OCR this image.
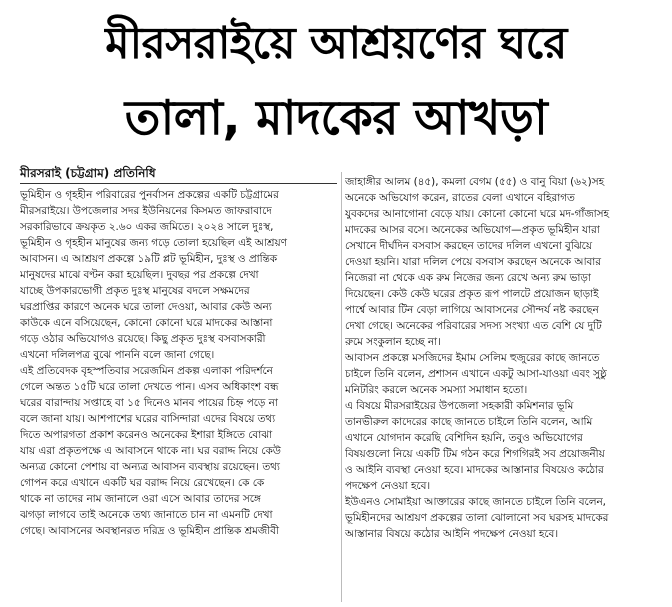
মীরসরাইয়ে আশ্রয়ণের ঘরে
তালা, মাদকের আখড়া
মীরসরাই (চট্টগ্রাম) প্রতিনিধি
ভূমিহীন ও গৃহহীন পরিবারের পুনর্বাসন প্রকল্পের একটি চট্টগ্রামের
মীরসরাইয়ে। উপজেলার সদর ইউনিয়নের কিসমত জাফরাবাদে
সরকারিভাবে ক্রয়কৃত ২.৬০ একর জমিতে। ২০২৪ সালে দুঃস্থ,
ভূমিহীন ও গৃহহীন মানুষের জন্য গড়ে তোলা হয়েছিল এই আশ্রয়ণ
আবাসন। এ আশ্রয়ণ প্রকল্পে ১৯টি প্লট ভূমিহীন, দুঃস্থ ও প্রান্তিক
মানুষদের মাঝে বণ্টন করা হয়েছিল। দুবছর পর প্রকল্পে দেখা
যাচ্ছে উপকারভোগী প্রকৃত দুঃস্থ মানুষের বদলে সক্ষমদের
ঘরপ্রাপ্তির কারণে অনেক ঘরে তালা দেওয়া, আবার কেউ অন্য
কাউকে এনে বসিয়েছেন, কোনো কোনো ঘরে মাদকের আস্তানা
গড়ে ওঠার অভিযোগও রয়েছে। কিছু প্রকৃত দুঃস্থ বসবাসকারী
এখনো দলিলপত্র বুঝে পাননি বলে জানা গেছে।
এই প্রতিবেদক বৃহস্পতিবার সরেজমিন প্রকল্প এলাকা পরিদর্শনে
গেলে অন্তত ১৫টি ঘরে তালা দেখতে পান। এসব অধিকাংশ বন্ধ
ঘরের বারান্দায় সপ্তাহে বা ১৫ দিনেও মানব পায়ের চিহ্ন পড়ে না
বলে জানা যায়। আশপাশের ঘরের বাসিন্দারা এদের বিষয়ে তথ্য
দিতে অপারগতা প্রকাশ করেনও অনেকের ইশারা ইঙ্গিতে বোঝা
যায় এরা প্রকৃতপক্ষে এ আবাসনে থাকে না। ঘর বরাদ্দ নিয়ে কেউ
অন্যত্র কোনো পেশায় বা অন্যত্র আবাসন ব্যবস্থায় রয়েছেন। তথ্য
গোপন করে এখানে একটি ঘর বরাদ্দ নিয়ে রেখেছেন। কে কে
থাকে না তাদের নাম জানালে ওরা এসে আবার তাদের সঙ্গে
ঝগড়া লাগবে তাই অনেকে তথ্য জানাতে চান না এমনটি দেখা
গেছে। আবাসনের অবস্থানরত দরিদ্র ও ভূমিহীন প্রান্তিক শ্রমজীবী
জাহাঙ্গীর আলম (৪৫), কমলা বেগম (৫৫) ও বানু বিয়া (৬২)সহ
অনেকে অভিযোগ করেন, রাতের বেলা এখানে বহিরাগত
যুবকদের আনাগোনা বেড়ে যায়। কোনো কোনো ঘরে মদ-গাঁজাসহ
মাদকের আসর বসে। অনেকের অভিযোগ—প্রকৃত ভূমিহীন যারা
সেখানে দীর্ঘদিন বসবাস করছেন তাদের দলিল এখনো বুঝিয়ে
দেওয়া হয়নি। যারা দলিল পেয়ে বসবাস করছেন অনেকে আবার
নিজেরা না থেকে এক রুম নিজের জন্য রেখে অন্য রুম ভাড়া
দিয়েছেন। কেউ কেউ ঘরের প্রকৃত রূপ পালটে প্রয়োজন ছাড়াই
পার্শ্বে আবার টিন বেড়া লাগিয়ে আবাসনের সৌন্দর্য নষ্ট করছেন
দেখা গেছে। অনেকের পরিবারের সদস্য সংখ্যা এত বেশি যে দুটি
রুমে সংকুলান হচ্ছে না।
আবাসন প্রকল্পে মসজিদের ইমাম সেলিম হুজুরের কাছে জানতে
চাইলে তিনি বলেন, প্রশাসন এখানে একটু আসা-যাওয়া এবং সুষ্ঠু
মনিটরিং করলে অনেক সমস্যা সমাধান হতো।
এ বিষয়ে মীরসরাইয়ের উপজেলা সহকারী কমিশনার ভূমি
তানভীরুল কাদেরের কাছে জানতে চাইলে তিনি বলেন, আমি
এখানে যোগদান করেছি বেশিদিন হয়নি, তবুও অভিযোগের
বিষয়গুলো নিয়ে একটি টিম গঠন করে শিগগিরই সব প্রয়োজনীয়
ও আইনি ব্যবস্থা নেওয়া হবে। মাদকের আস্তানার বিষয়েও কঠোর
পদক্ষেপ নেওয়া হবে।
ইউএনও সোমাইয়া আক্তারের কাছে জানতে চাইলে তিনি বলেন,
ভূমিহীনদের আশ্রয়ণ প্রকল্পের তালা ঝোলানো সব ঘরসহ মাদকের
আস্তানার বিষয়ে কঠোর আইনি পদক্ষেপ নেওয়া হবে।
